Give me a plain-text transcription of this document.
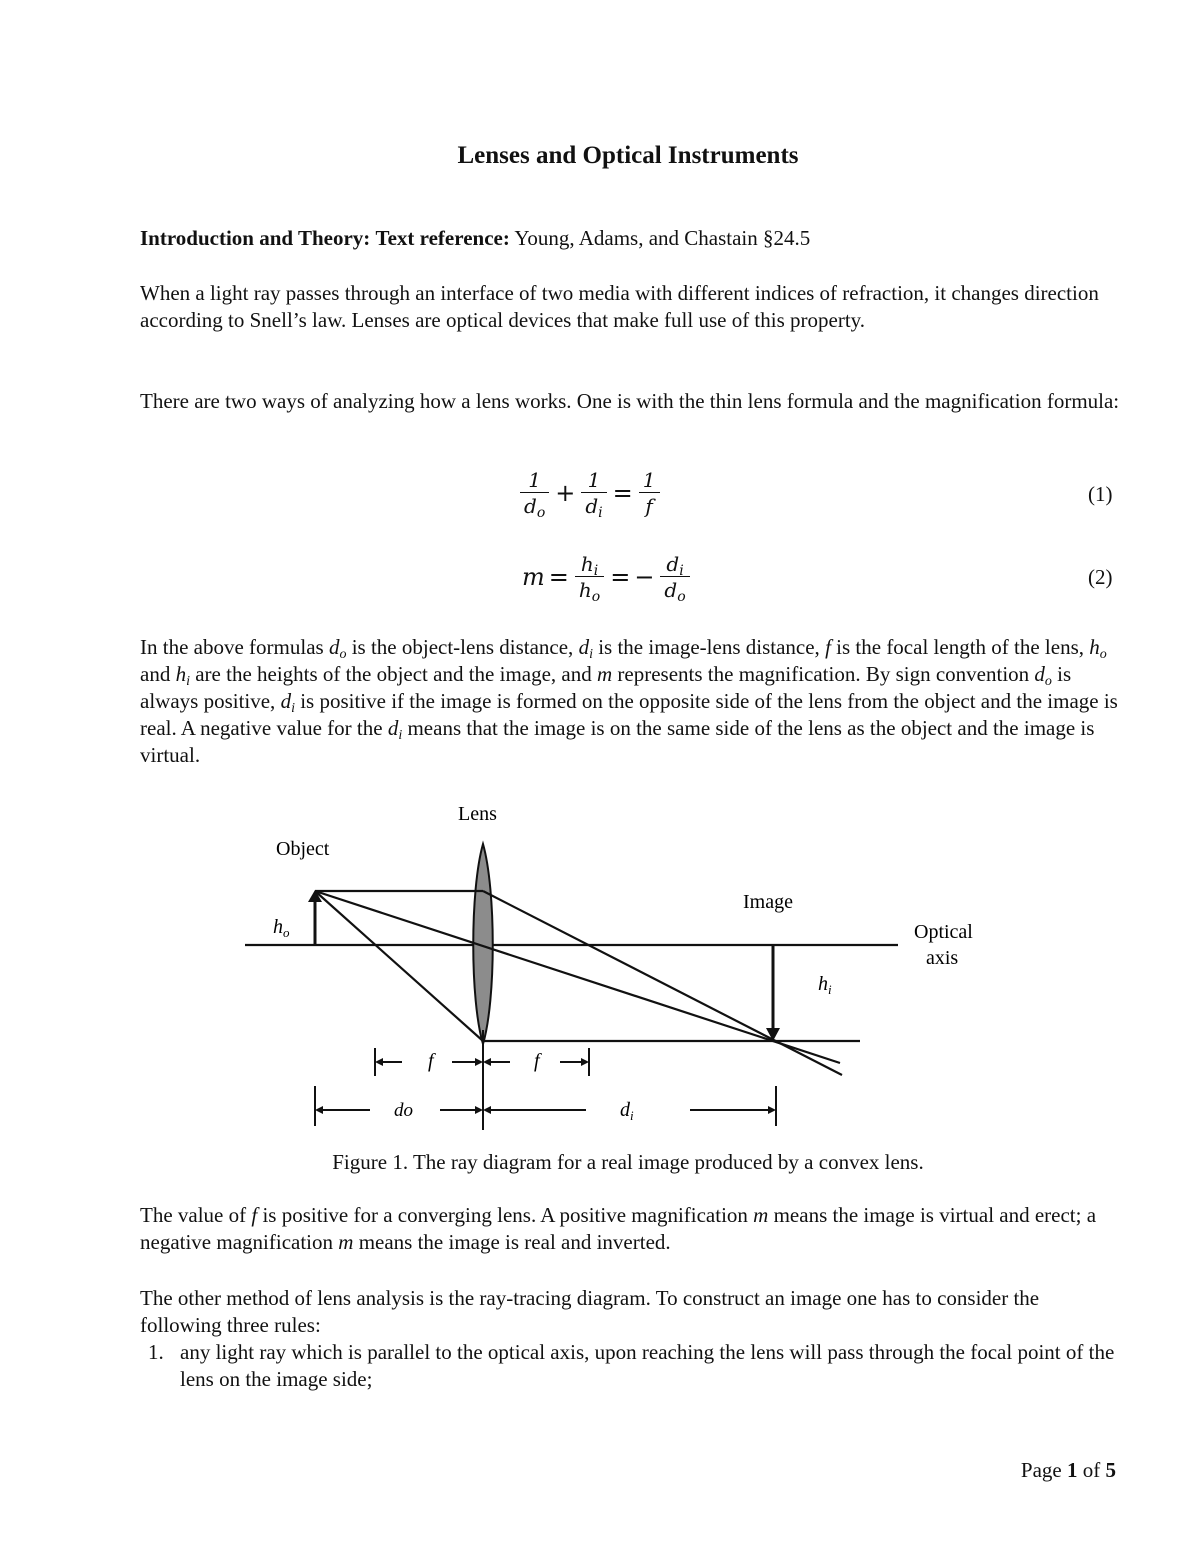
Lenses and Optical Instruments
Introduction and Theory: Text reference: Young, Adams, and Chastain §24.5
When a light ray passes through an interface of two media with different indices of refraction, it changes direction according to Snell’s law. Lenses are optical devices that make full use of this property.
There are two ways of analyzing how a lens works. One is with the thin lens formula and the magnification formula:
$\frac{1}{d_o} + \frac{1}{d_i} = \frac{1}{f}$	(1)
$m = \frac{h_i}{h_o}$ = − $\frac{d_i}{d_o}$	(2)
In the above formulas $d_o$ is the object-lens distance, $d_i$ is the image-lens distance, f is the focal length of the lens, $h_o$ and $h_i$ are the heights of the object and the image, and m represents the magnification. By sign convention $d_o$ is always positive, $d_i$ is positive if the image is formed on the opposite side of the lens from the object and the image is real. A negative value for the $d_i$ means that the image is on the same side of the lens as the object and the image is virtual.
Lens
Object
Image
Optical
axis
$h_o$
$h_i$
f	f
do	$d_i$
Figure 1. The ray diagram for a real image produced by a convex lens.
The value of f is positive for a converging lens. A positive magnification m means the image is virtual and erect; a negative magnification m means the image is real and inverted.
The other method of lens analysis is the ray-tracing diagram. To construct an image one has to consider the following three rules:
1. any light ray which is parallel to the optical axis, upon reaching the lens will pass through the focal point of the lens on the image side;
Page 1 of 5
